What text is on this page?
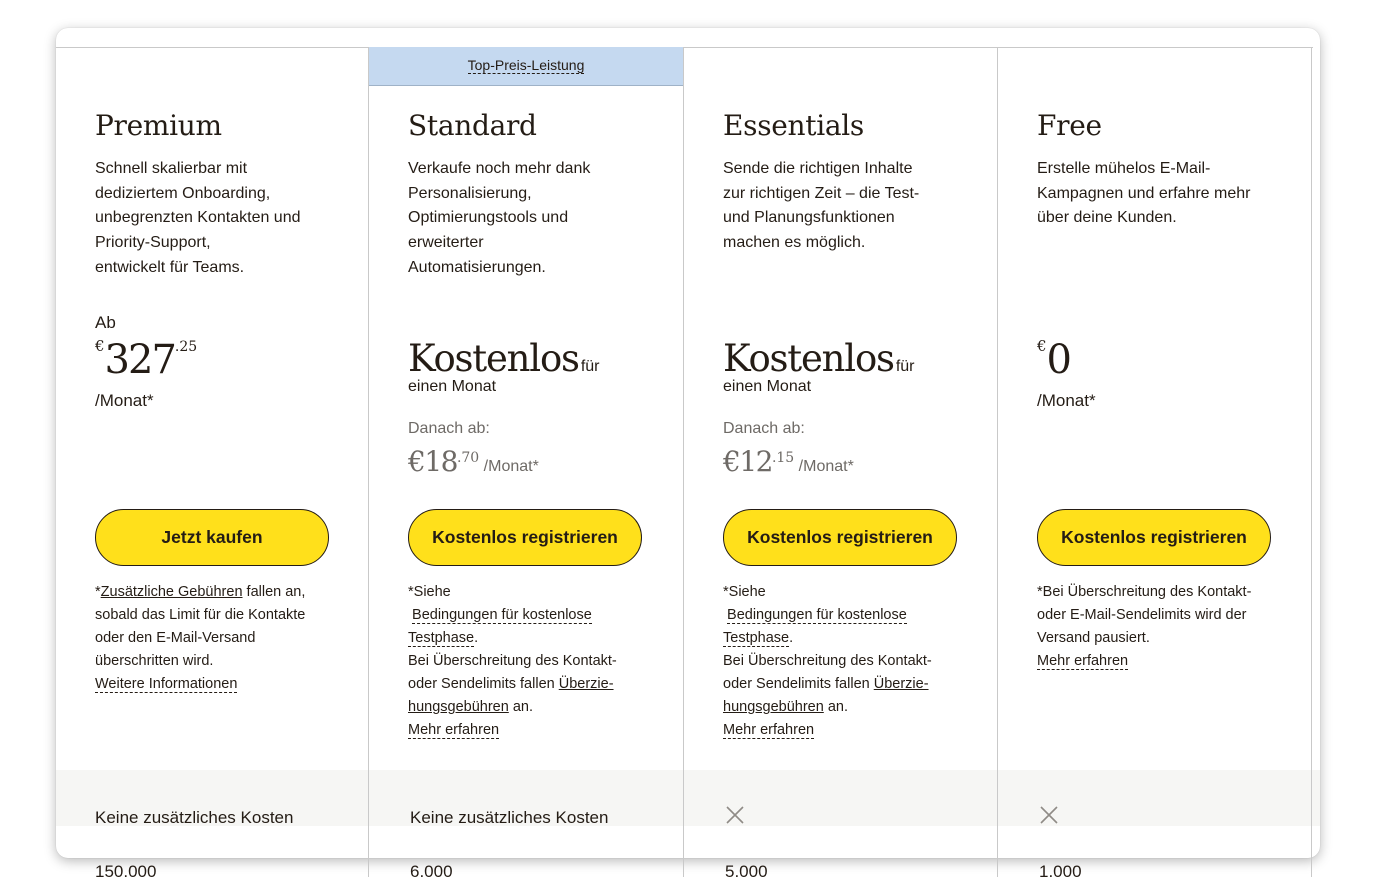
Premium
Schnell skalierbar mit
dediziertem Onboarding,
unbegrenzten Kontakten und
Priority-Support,
entwickelt für Teams.
Ab
€327.25
/Monat*
Jetzt kaufen
*Zusätzliche Gebühren fallen an, sobald das Limit für die Kontakte oder den E-Mail-Versand überschritten wird.
Weitere Informationen
Keine zusätzliches Kosten
150.000
Top-Preis-Leistung
Standard
Verkaufe noch mehr dank
Personalisierung,
Optimierungstools und
erweiterter
Automatisierungen.
Kostenlos für
einen Monat
Danach ab:
€18.70 /Monat*
Kostenlos registrieren
*Siehe
Bedingungen für kostenlose Testphase.
Bei Überschreitung des Kontakt- oder Sendelimits fallen Überzie-hungsgebühren an.
Mehr erfahren
Keine zusätzliches Kosten
6.000
Essentials
Sende die richtigen Inhalte
zur richtigen Zeit – die Test-
und Planungsfunktionen
machen es möglich.
Kostenlos für
einen Monat
Danach ab:
€12.15 /Monat*
Kostenlos registrieren
*Siehe
Bedingungen für kostenlose Testphase.
Bei Überschreitung des Kontakt- oder Sendelimits fallen Überzie-hungsgebühren an.
Mehr erfahren
5.000
Free
Erstelle mühelos E-Mail-
Kampagnen und erfahre mehr
über deine Kunden.
€0
/Monat*
Kostenlos registrieren
*Bei Überschreitung des Kontakt- oder E-Mail-Sendelimits wird der Versand pausiert.
Mehr erfahren
1.000
